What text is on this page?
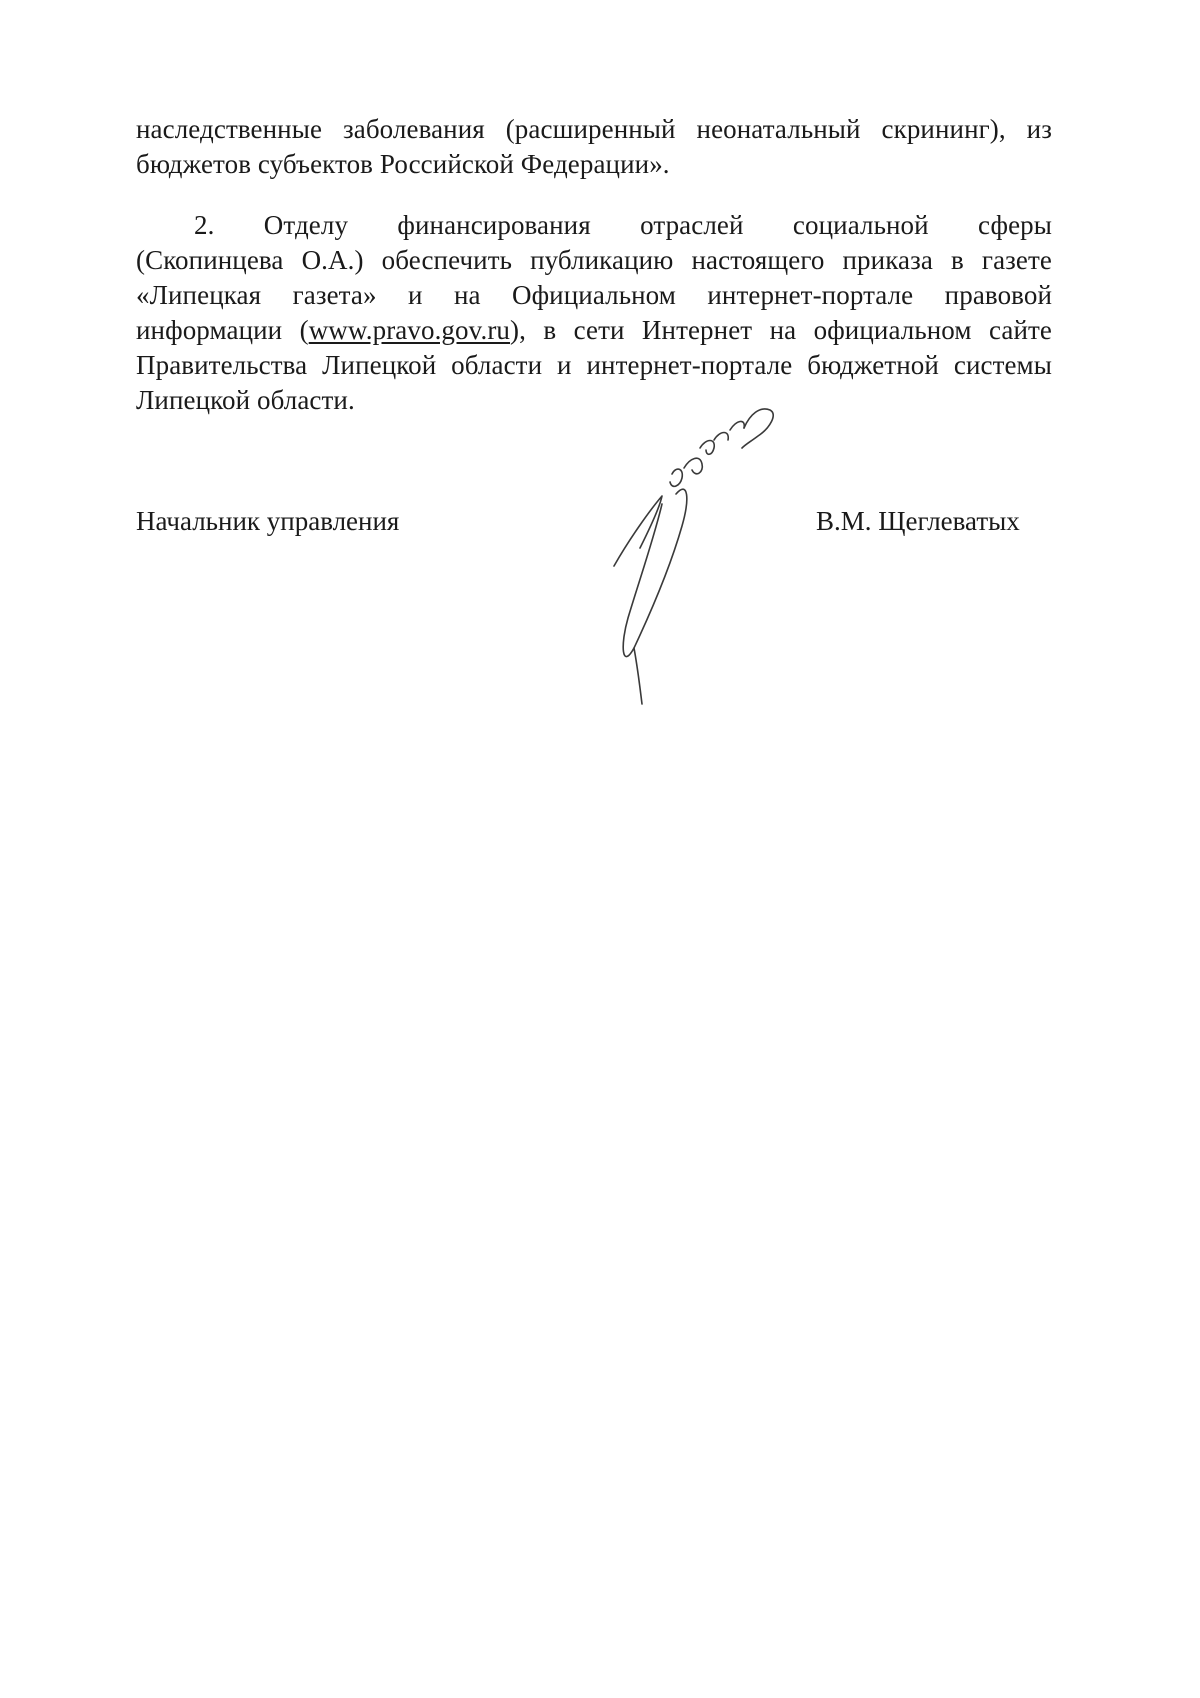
наследственные заболевания (расширенный неонатальный скрининг), из
бюджетов субъектов Российской Федерации».
2. Отделу финансирования отраслей социальной сферы
(Скопинцева О.А.) обеспечить публикацию настоящего приказа в газете
«Липецкая газета» и на Официальном интернет-портале правовой
информации (www.pravo.gov.ru), в сети Интернет на официальном сайте
Правительства Липецкой области и интернет-портале бюджетной системы
Липецкой области.
Начальник управления	В.М. Щеглеватых
